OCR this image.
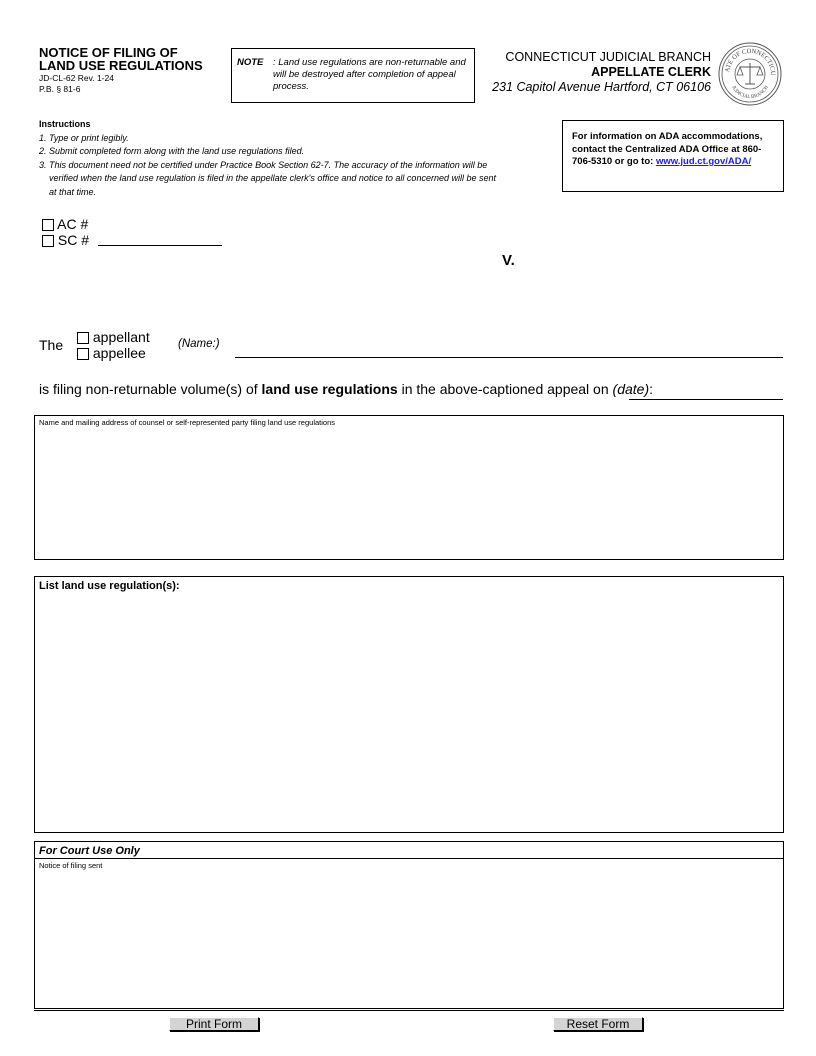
NOTICE OF FILING OF
LAND USE REGULATIONS
JD-CL-62 Rev. 1-24
P.B. § 81-6
NOTE : Land use regulations are non-returnable and will be destroyed after completion of appeal process.
CONNECTICUT JUDICIAL BRANCH
APPELLATE CLERK
231 Capitol Avenue Hartford, CT 06106
ATE OF CONNECTICU
JUDICIAL BRANCH
Instructions
1. Type or print legibly.
2. Submit completed form along with the land use regulations filed.
3. This document need not be certified under Practice Book Section 62-7. The accuracy of the information will be verified when the land use regulation is filed in the appellate clerk's office and notice to all concerned will be sent at that time.
For information on ADA accommodations, contact the Centralized ADA Office at 860-706-5310 or go to: www.jud.ct.gov/ADA/
AC #
SC #
V.
The	appellant
appellee
(Name:)
is filing non-returnable volume(s) of land use regulations in the above-captioned appeal on (date):
Name and mailing address of counsel or self-represented party filing land use regulations
List land use regulation(s):
For Court Use Only
Notice of filing sent
Print Form	Reset Form
